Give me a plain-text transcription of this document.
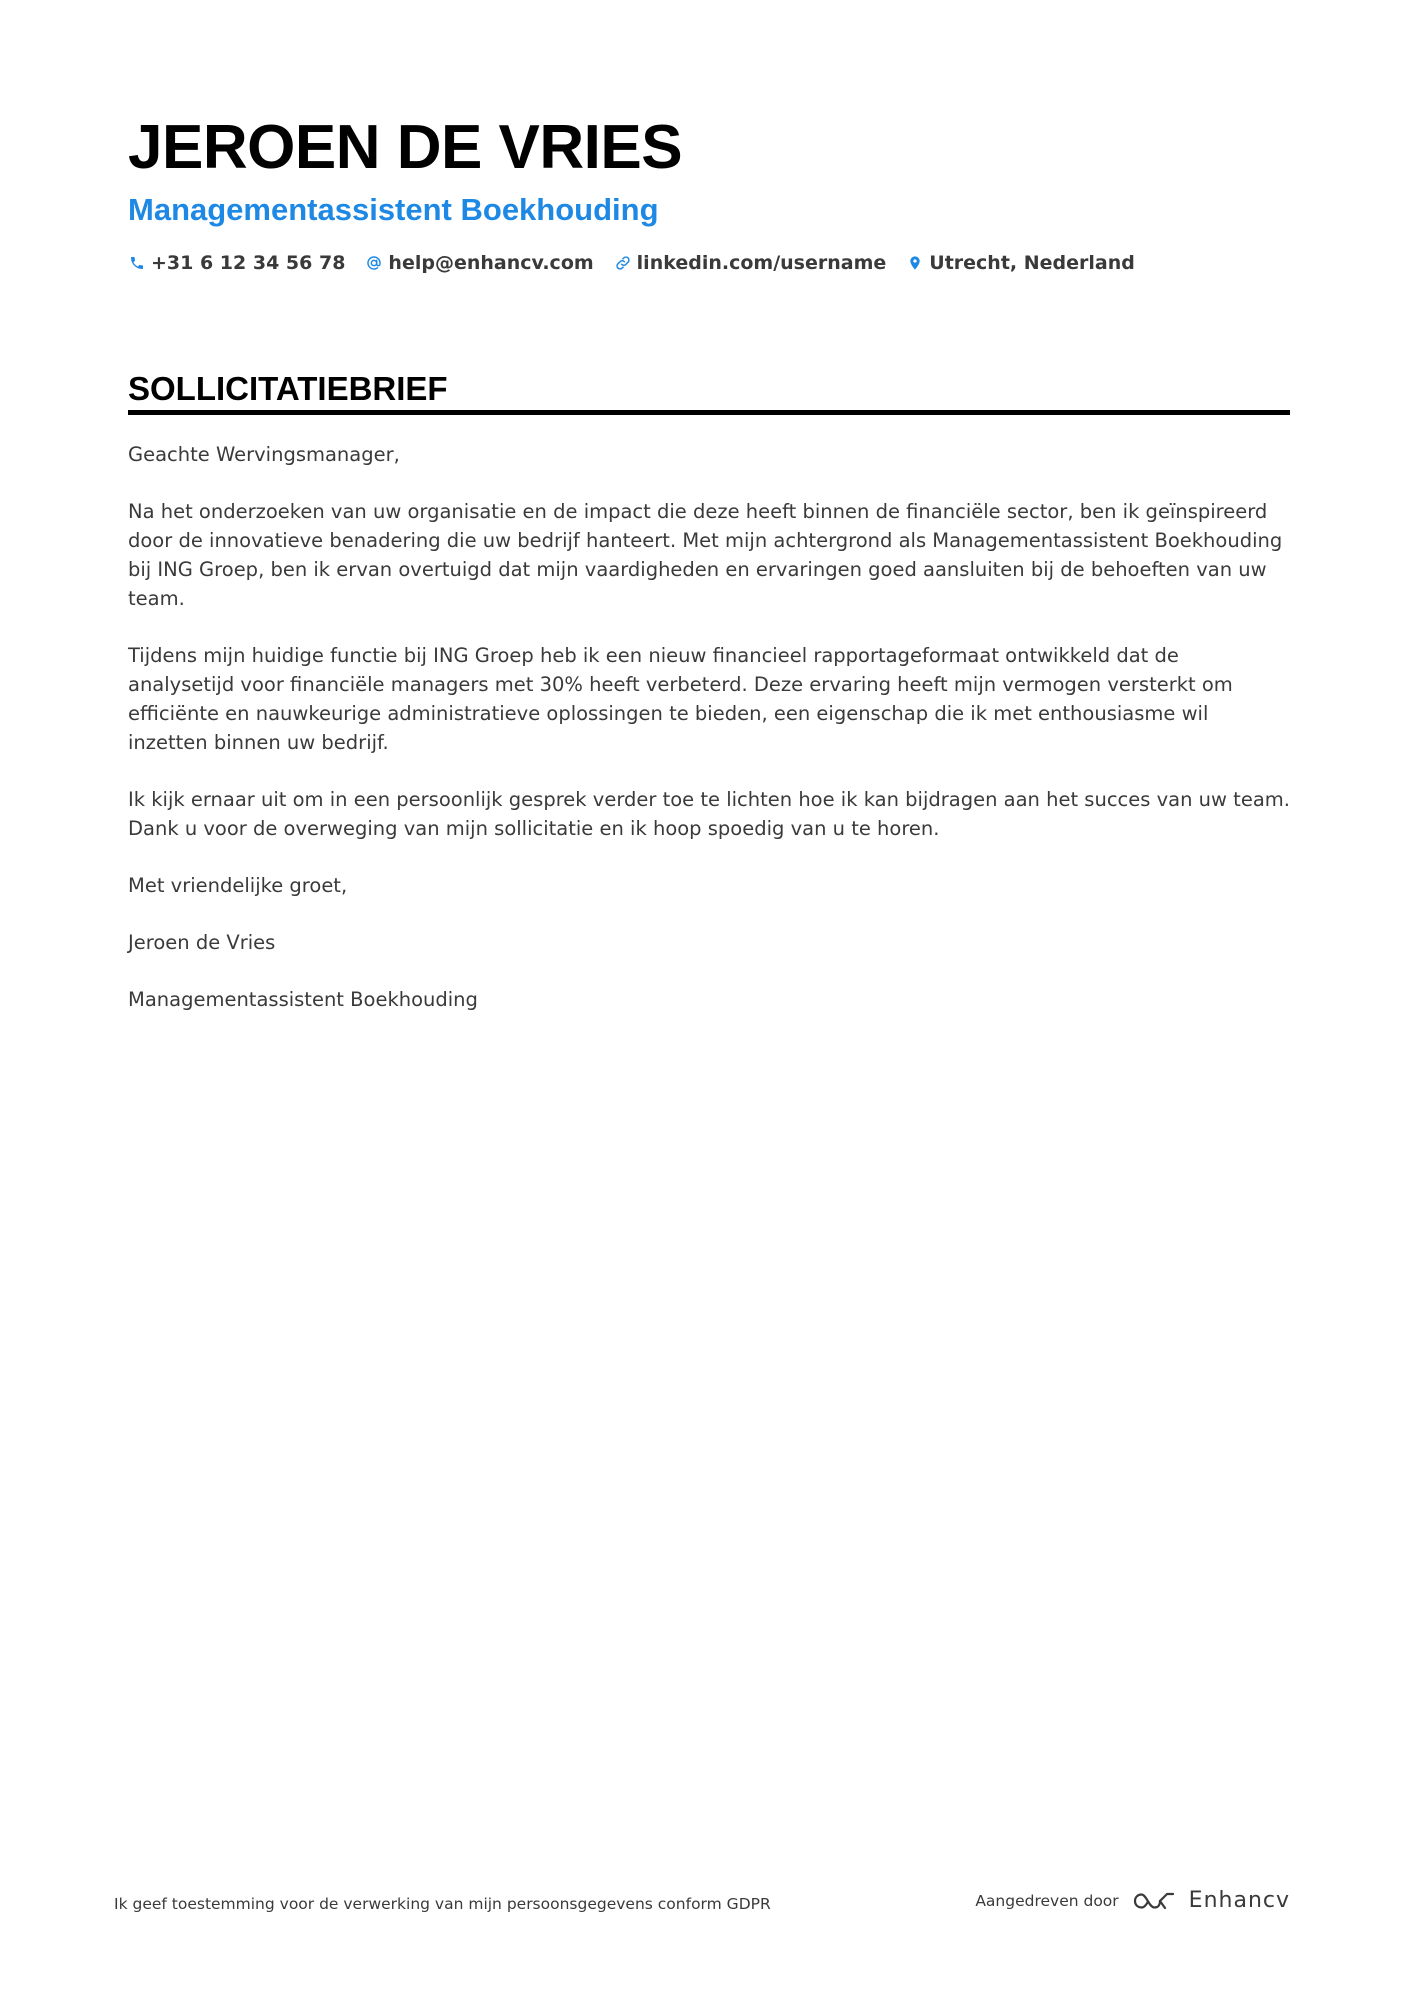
JEROEN DE VRIES
Managementassistent Boekhouding
+31 6 12 34 56 78 help@enhancv.com linkedin.com/username Utrecht, Nederland
SOLLICITATIEBRIEF

Geachte Wervingsmanager,

Na het onderzoeken van uw organisatie en de impact die deze heeft binnen de financiële sector, ben ik geïnspireerd door de innovatieve benadering die uw bedrijf hanteert. Met mijn achtergrond als Managementassistent Boekhouding bij ING Groep, ben ik ervan overtuigd dat mijn vaardigheden en ervaringen goed aansluiten bij de behoeften van uw team.

Tijdens mijn huidige functie bij ING Groep heb ik een nieuw financieel rapportageformaat ontwikkeld dat de analysetijd voor financiële managers met 30% heeft verbeterd. Deze ervaring heeft mijn vermogen versterkt om efficiënte en nauwkeurige administratieve oplossingen te bieden, een eigenschap die ik met enthousiasme wil inzetten binnen uw bedrijf.

Ik kijk ernaar uit om in een persoonlijk gesprek verder toe te lichten hoe ik kan bijdragen aan het succes van uw team. Dank u voor de overweging van mijn sollicitatie en ik hoop spoedig van u te horen.

Met vriendelijke groet,

Jeroen de Vries

Managementassistent Boekhouding

Ik geef toestemming voor de verwerking van mijn persoonsgegevens conform GDPR	Aangedreven door	Enhancv
